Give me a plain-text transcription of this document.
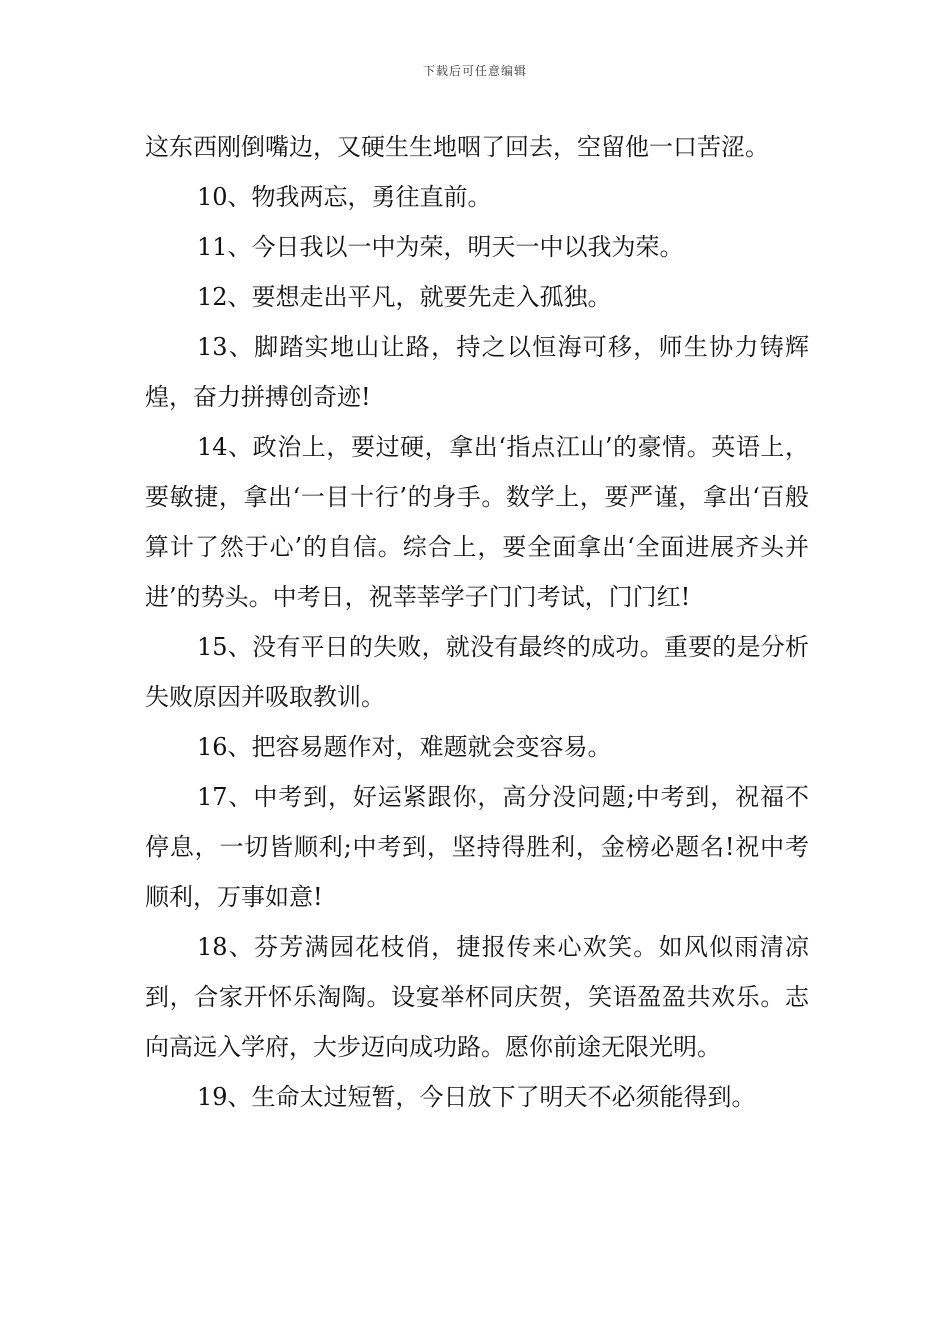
下载后可任意编辑

这东西刚倒嘴边，又硬生生地咽了回去，空留他一口苦涩。

10、物我两忘，勇往直前。

11、今日我以一中为荣，明天一中以我为荣。

12、要想走出平凡，就要先走入孤独。

13、脚踏实地山让路，持之以恒海可移，师生协力铸辉煌，奋力拼搏创奇迹!

14、政治上，要过硬，拿出‘指点江山’的豪情。英语上，要敏捷，拿出‘一目十行’的身手。数学上，要严谨，拿出‘百般算计了然于心’的自信。综合上，要全面拿出‘全面进展齐头并进’的势头。中考日，祝莘莘学子门门考试，门门红!

15、没有平日的失败，就没有最终的成功。重要的是分析失败原因并吸取教训。

16、把容易题作对，难题就会变容易。

17、中考到，好运紧跟你，高分没问题;中考到，祝福不停息，一切皆顺利;中考到，坚持得胜利，金榜必题名!祝中考顺利，万事如意!

18、芬芳满园花枝俏，捷报传来心欢笑。如风似雨清凉到，合家开怀乐淘陶。设宴举杯同庆贺，笑语盈盈共欢乐。志向高远入学府，大步迈向成功路。愿你前途无限光明。

19、生命太过短暂，今日放下了明天不必须能得到。
